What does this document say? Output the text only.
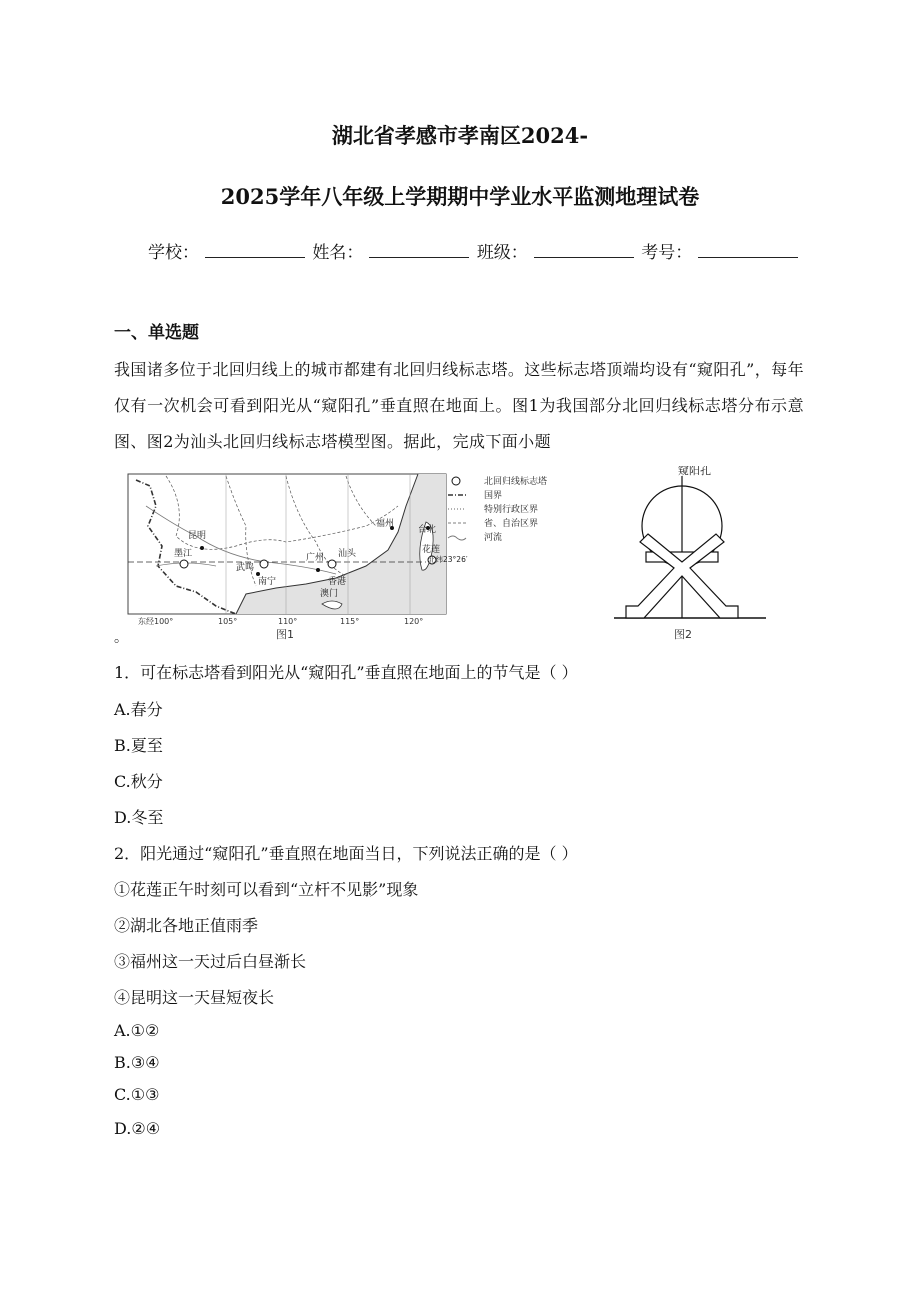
湖北省孝感市孝南区2024-
2025学年八年级上学期期中学业水平监测地理试卷
学校：	姓名：	班级：	考号：
一、单选题
我国诸多位于北回归线上的城市都建有北回归线标志塔。这些标志塔顶端均设有“窥阳孔”，每年仅有一次机会可看到阳光从“窥阳孔”垂直照在地面上。图1为我国部分北回归线标志塔分布示意图、图2为汕头北回归线标志塔模型图。据此，完成下面小题
昆明
墨江
武鸣
南宁
广州 汕头
福州
台北
花莲
香港
澳门
北纬23°26′
东经100°	105°	110°	115°	120°
图1
北回归线标志塔
国界
特别行政区界
省、自治区界
河流
窥阳孔
图2
。
1．可在标志塔看到阳光从“窥阳孔”垂直照在地面上的节气是（ ）
A.春分
B.夏至
C.秋分
D.冬至
2．阳光通过“窥阳孔”垂直照在地面当日，下列说法正确的是（ ）
①花莲正午时刻可以看到“立杆不见影”现象
②湖北各地正值雨季
③福州这一天过后白昼渐长
④昆明这一天昼短夜长
A.①②
B.③④
C.①③
D.②④
